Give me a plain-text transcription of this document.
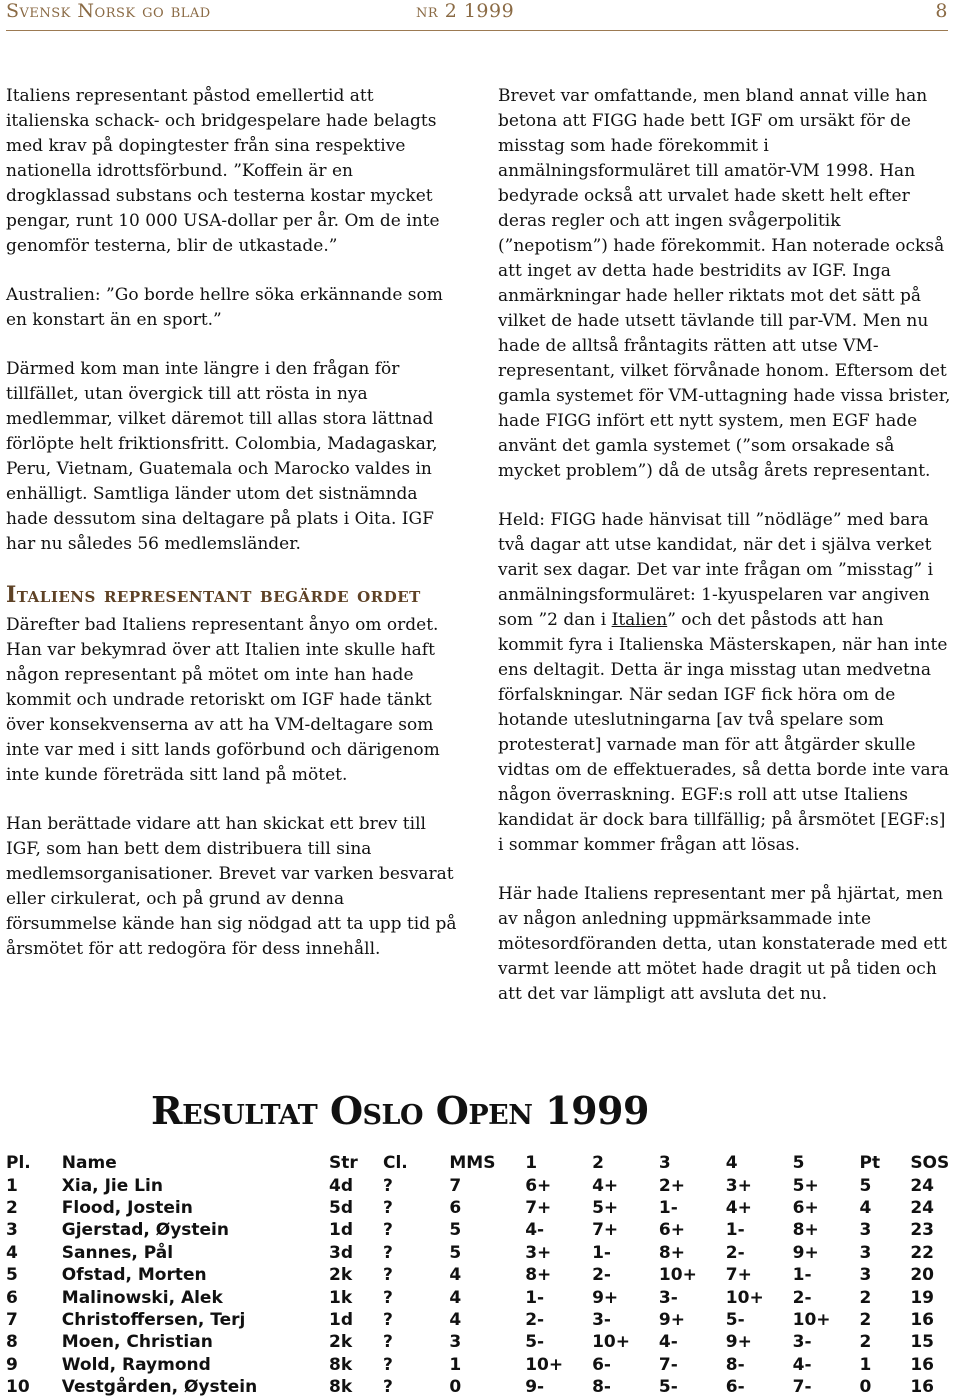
Svensk Norsk go blad	nr 2 1999	8

Italiens representant påstod emellertid att italienska schack- och bridgespelare hade belagts med krav på dopingtester från sina respektive nationella idrottsförbund. ”Koffein är en drogklassad substans och testerna kostar mycket pengar, runt 10 000 USA-dollar per år. Om de inte genomför testerna, blir de utkastade.”

Australien: ”Go borde hellre söka erkännande som en konstart än en sport.”

Därmed kom man inte längre i den frågan för tillfället, utan övergick till att rösta in nya medlemmar, vilket däremot till allas stora lättnad förlöpte helt friktionsfritt. Colombia, Madagaskar, Peru, Vietnam, Guatemala och Marocko valdes in enhälligt. Samtliga länder utom det sistnämnda hade dessutom sina deltagare på plats i Oita. IGF har nu således 56 medlemsländer.

Italiens representant begärde ordet

Därefter bad Italiens representant ånyo om ordet.

Han var bekymrad över att Italien inte skulle haft någon representant på mötet om inte han hade kommit och undrade retoriskt om IGF hade tänkt över konsekvenserna av att ha VM-deltagare som inte var med i sitt lands goförbund och därigenom inte kunde företräda sitt land på mötet.

Han berättade vidare att han skickat ett brev till IGF, som han bett dem distribuera till sina medlemsorganisationer. Brevet var varken besvarat eller cirkulerat, och på grund av denna försummelse kände han sig nödgad att ta upp tid på årsmötet för att redogöra för dess innehåll.

Brevet var omfattande, men bland annat ville han betona att FIGG hade bett IGF om ursäkt för de misstag som hade förekommit i anmälningsformuläret till amatör-VM 1998. Han bedyrade också att urvalet hade skett helt efter deras regler och att ingen svågerpolitik (”nepotism”) hade förekommit. Han noterade också att inget av detta hade bestridits av IGF. Inga anmärkningar hade heller riktats mot det sätt på vilket de hade utsett tävlande till par-VM. Men nu hade de alltså fråntagits rätten att utse VM-representant, vilket förvånade honom. Eftersom det gamla systemet för VM-uttagning hade vissa brister, hade FIGG infört ett nytt system, men EGF hade använt det gamla systemet (”som orsakade så mycket problem”) då de utsåg årets representant.

Held: FIGG hade hänvisat till ”nödläge” med bara två dagar att utse kandidat, när det i själva verket varit sex dagar. Det var inte frågan om ”misstag” i anmälningsformuläret: 1-kyuspelaren var angiven som ”2 dan i Italien” och det påstods att han kommit fyra i Italienska Mästerskapen, när han inte ens deltagit. Detta är inga misstag utan medvetna förfalskningar. När sedan IGF fick höra om de hotande uteslutningarna [av två spelare som protesterat] varnade man för att åtgärder skulle vidtas om de effektuerades, så detta borde inte vara någon överraskning. EGF:s roll att utse Italiens kandidat är dock bara tillfällig; på årsmötet [EGF:s] i sommar kommer frågan att lösas.

Här hade Italiens representant mer på hjärtat, men av någon anledning uppmärksammade inte mötesordföranden detta, utan konstaterade med ett varmt leende att mötet hade dragit ut på tiden och att det var lämpligt att avsluta det nu.

Resultat Oslo Open 1999
Pl.	Name	Str	Cl.	MMS	1	2	3	4	5	Pt	SOS
1	Xia, Jie Lin	4d	?	7	6+	4+	2+	3+	5+	5	24
2	Flood, Jostein	5d	?	6	7+	5+	1-	4+	6+	4	24
3	Gjerstad, Øystein	1d	?	5	4-	7+	6+	1-	8+	3	23
4	Sannes, Pål	3d	?	5	3+	1-	8+	2-	9+	3	22
5	Ofstad, Morten	2k	?	4	8+	2-	10+	7+	1-	3	20
6	Malinowski, Alek	1k	?	4	1-	9+	3-	10+	2-	2	19
7	Christoffersen, Terj	1d	?	4	2-	3-	9+	5-	10+	2	16
8	Moen, Christian	2k	?	3	5-	10+	4-	9+	3-	2	15
9	Wold, Raymond	8k	?	1	10+	6-	7-	8-	4-	1	16
10	Vestgården, Øystein	8k	?	0	9-	8-	5-	6-	7-	0	16
